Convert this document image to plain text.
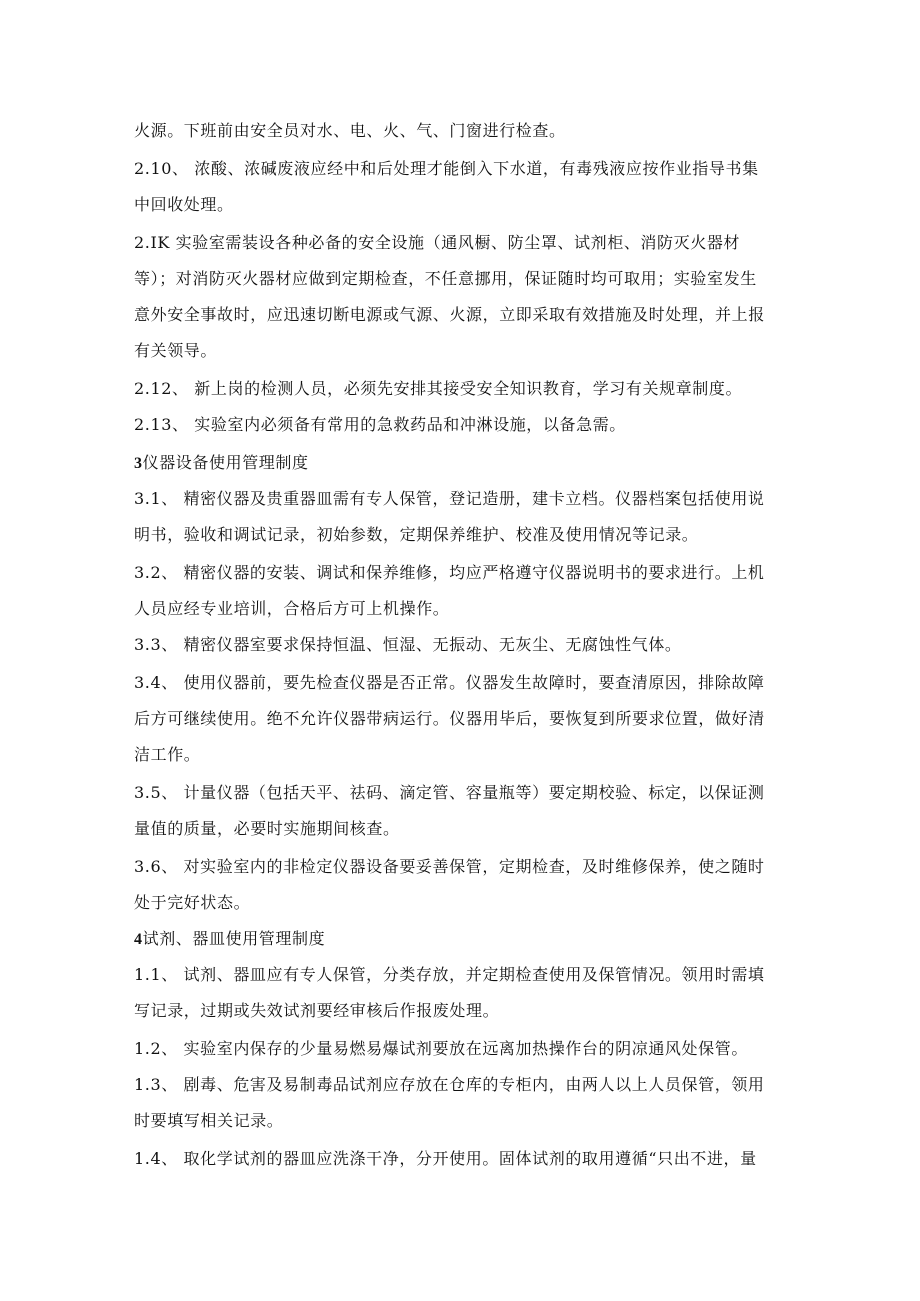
火源。下班前由安全员对水、电、火、气、门窗进行检查。
2.10、 浓酸、浓碱废液应经中和后处理才能倒入下水道，有毒残液应按作业指导书集
中回收处理。
2.IK 实验室需装设各种必备的安全设施（通风橱、防尘罩、试剂柜、消防灭火器材
等）；对消防灭火器材应做到定期检查，不任意挪用，保证随时均可取用；实验室发生
意外安全事故时，应迅速切断电源或气源、火源，立即采取有效措施及时处理，并上报
有关领导。
2.12、 新上岗的检测人员，必须先安排其接受安全知识教育，学习有关规章制度。
2.13、 实验室内必须备有常用的急救药品和冲淋设施，以备急需。
3仪器设备使用管理制度
3.1、 精密仪器及贵重器皿需有专人保管，登记造册，建卡立档。仪器档案包括使用说
明书，验收和调试记录，初始参数，定期保养维护、校准及使用情况等记录。
3.2、 精密仪器的安装、调试和保养维修，均应严格遵守仪器说明书的要求进行。上机
人员应经专业培训，合格后方可上机操作。
3.3、 精密仪器室要求保持恒温、恒湿、无振动、无灰尘、无腐蚀性气体。
3.4、 使用仪器前，要先检查仪器是否正常。仪器发生故障时，要查清原因，排除故障
后方可继续使用。绝不允许仪器带病运行。仪器用毕后，要恢复到所要求位置，做好清
洁工作。
3.5、 计量仪器（包括天平、祛码、滴定管、容量瓶等）要定期校验、标定，以保证测
量值的质量，必要时实施期间核查。
3.6、 对实验室内的非检定仪器设备要妥善保管，定期检查，及时维修保养，使之随时
处于完好状态。
4试剂、器皿使用管理制度
1.1、 试剂、器皿应有专人保管，分类存放，并定期检查使用及保管情况。领用时需填
写记录，过期或失效试剂要经审核后作报废处理。
1.2、 实验室内保存的少量易燃易爆试剂要放在远离加热操作台的阴凉通风处保管。
1.3、 剧毒、危害及易制毒品试剂应存放在仓库的专柜内，由两人以上人员保管，领用
时要填写相关记录。
1.4、 取化学试剂的器皿应洗涤干净，分开使用。固体试剂的取用遵循“只出不进，量
